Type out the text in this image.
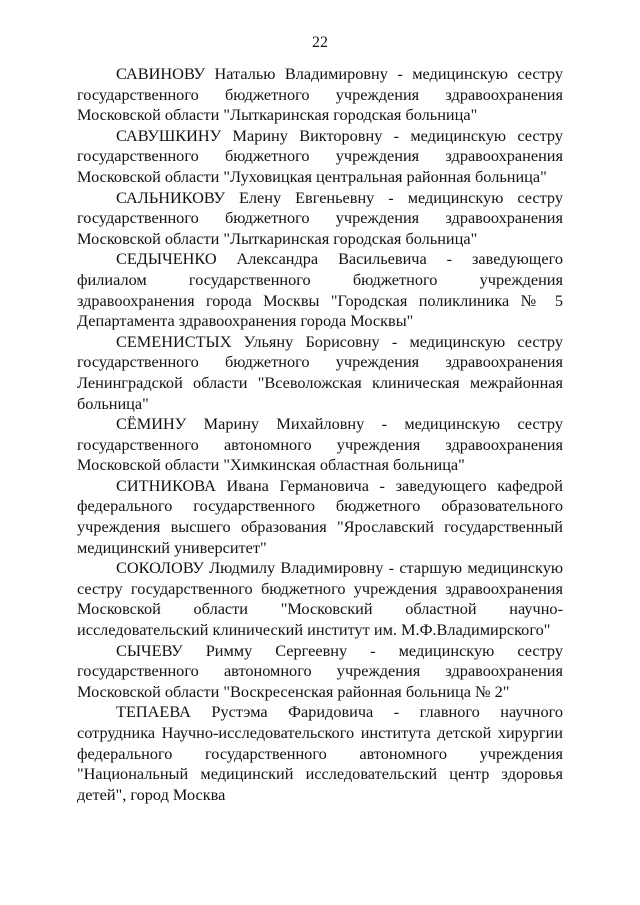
22

САВИНОВУ Наталью Владимировну - медицинскую сестру государственного бюджетного учреждения здравоохранения Московской области "Лыткаринская городская больница"

САВУШКИНУ Марину Викторовну - медицинскую сестру государственного бюджетного учреждения здравоохранения Московской области "Луховицкая центральная районная больница"

САЛЬНИКОВУ Елену Евгеньевну - медицинскую сестру государственного бюджетного учреждения здравоохранения Московской области "Лыткаринская городская больница"

СЕДЫЧЕНКО Александра Васильевича - заведующего филиалом государственного бюджетного учреждения здравоохранения города Москвы "Городская поликлиника № 5 Департамента здравоохранения города Москвы"

СЕМЕНИСТЫХ Ульяну Борисовну - медицинскую сестру государственного бюджетного учреждения здравоохранения Ленинградской области "Всеволожская клиническая межрайонная больница"

СЁМИНУ Марину Михайловну - медицинскую сестру государственного автономного учреждения здравоохранения Московской области "Химкинская областная больница"

СИТНИКОВА Ивана Германовича - заведующего кафедрой федерального государственного бюджетного образовательного учреждения высшего образования "Ярославский государственный медицинский университет"

СОКОЛОВУ Людмилу Владимировну - старшую медицинскую сестру государственного бюджетного учреждения здравоохранения Московской области "Московский областной научно-исследовательский клинический институт им. М.Ф.Владимирского"

СЫЧЕВУ Римму Сергеевну - медицинскую сестру государственного автономного учреждения здравоохранения Московской области "Воскресенская районная больница № 2"

ТЕПАЕВА Рустэма Фаридовича - главного научного сотрудника Научно-исследовательского института детской хирургии федерального государственного автономного учреждения "Национальный медицинский исследовательский центр здоровья детей", город Москва
